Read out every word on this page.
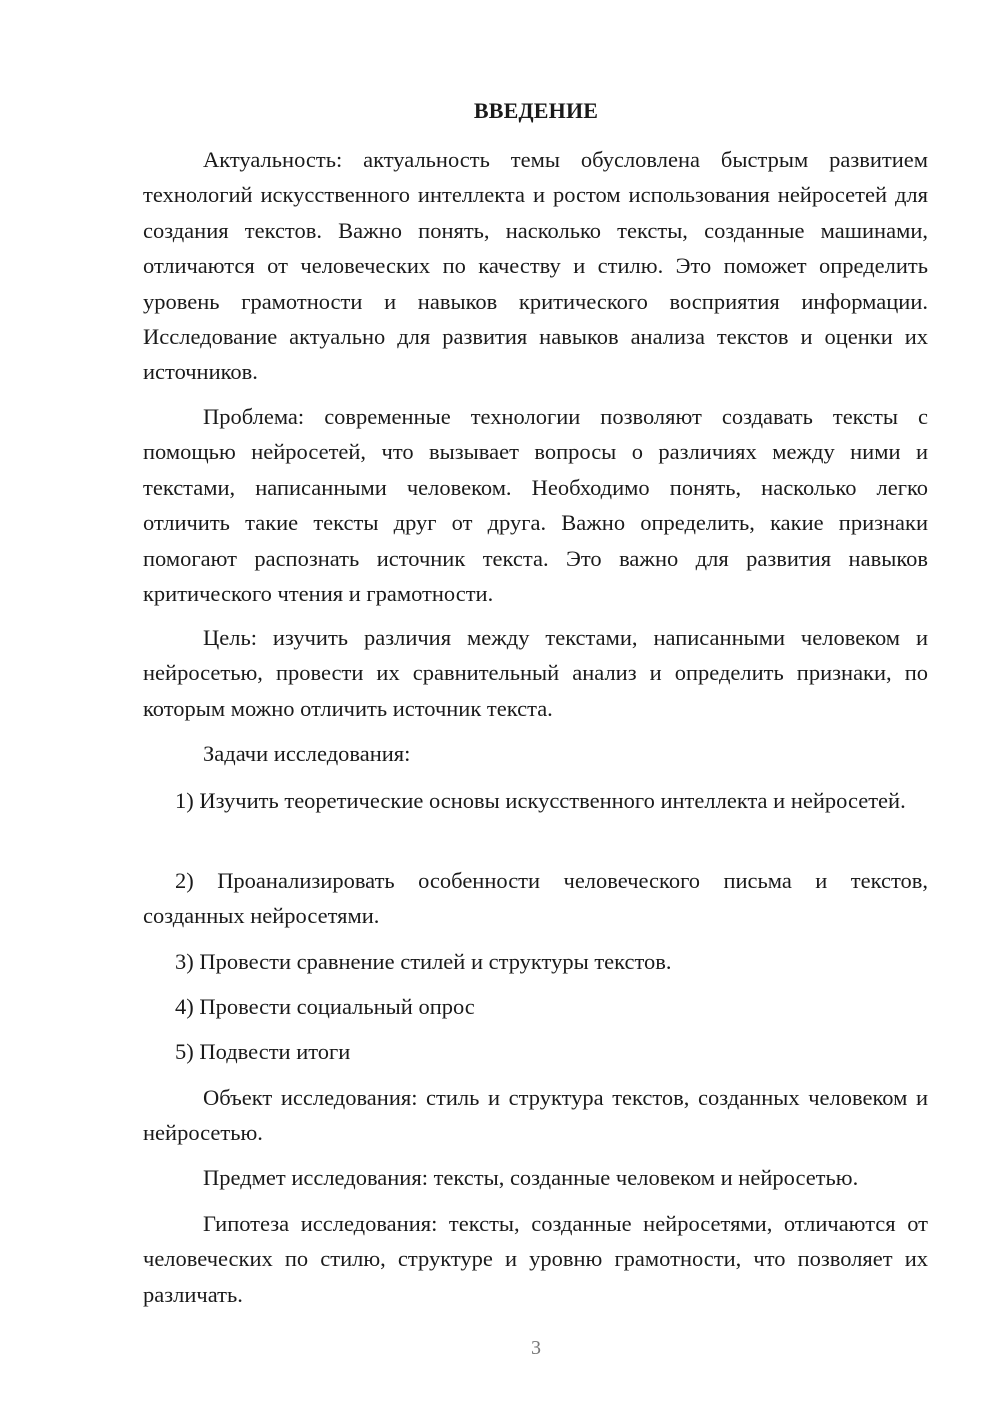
ВВЕДЕНИЕ

Актуальность: актуальность темы обусловлена быстрым развитием технологий искусственного интеллекта и ростом использования нейросетей для создания текстов. Важно понять, насколько тексты, созданные машинами, отличаются от человеческих по качеству и стилю. Это поможет определить уровень грамотности и навыков критического восприятия информации. Исследование актуально для развития навыков анализа текстов и оценки их источников.

Проблема: современные технологии позволяют создавать тексты с помощью нейросетей, что вызывает вопросы о различиях между ними и текстами, написанными человеком. Необходимо понять, насколько легко отличить такие тексты друг от друга. Важно определить, какие признаки помогают распознать источник текста. Это важно для развития навыков критического чтения и грамотности.

Цель: изучить различия между текстами, написанными человеком и нейросетью, провести их сравнительный анализ и определить признаки, по которым можно отличить источник текста.

Задачи исследования:

1) Изучить теоретические основы искусственного интеллекта и нейросетей.

2) Проанализировать особенности человеческого письма и текстов, созданных нейросетями.

3) Провести сравнение стилей и структуры текстов.

4) Провести социальный опрос

5) Подвести итоги

Объект исследования: стиль и структура текстов, созданных человеком и нейросетью.

Предмет исследования: тексты, созданные человеком и нейросетью.

Гипотеза исследования: тексты, созданные нейросетями, отличаются от человеческих по стилю, структуре и уровню грамотности, что позволяет их различать.

3
